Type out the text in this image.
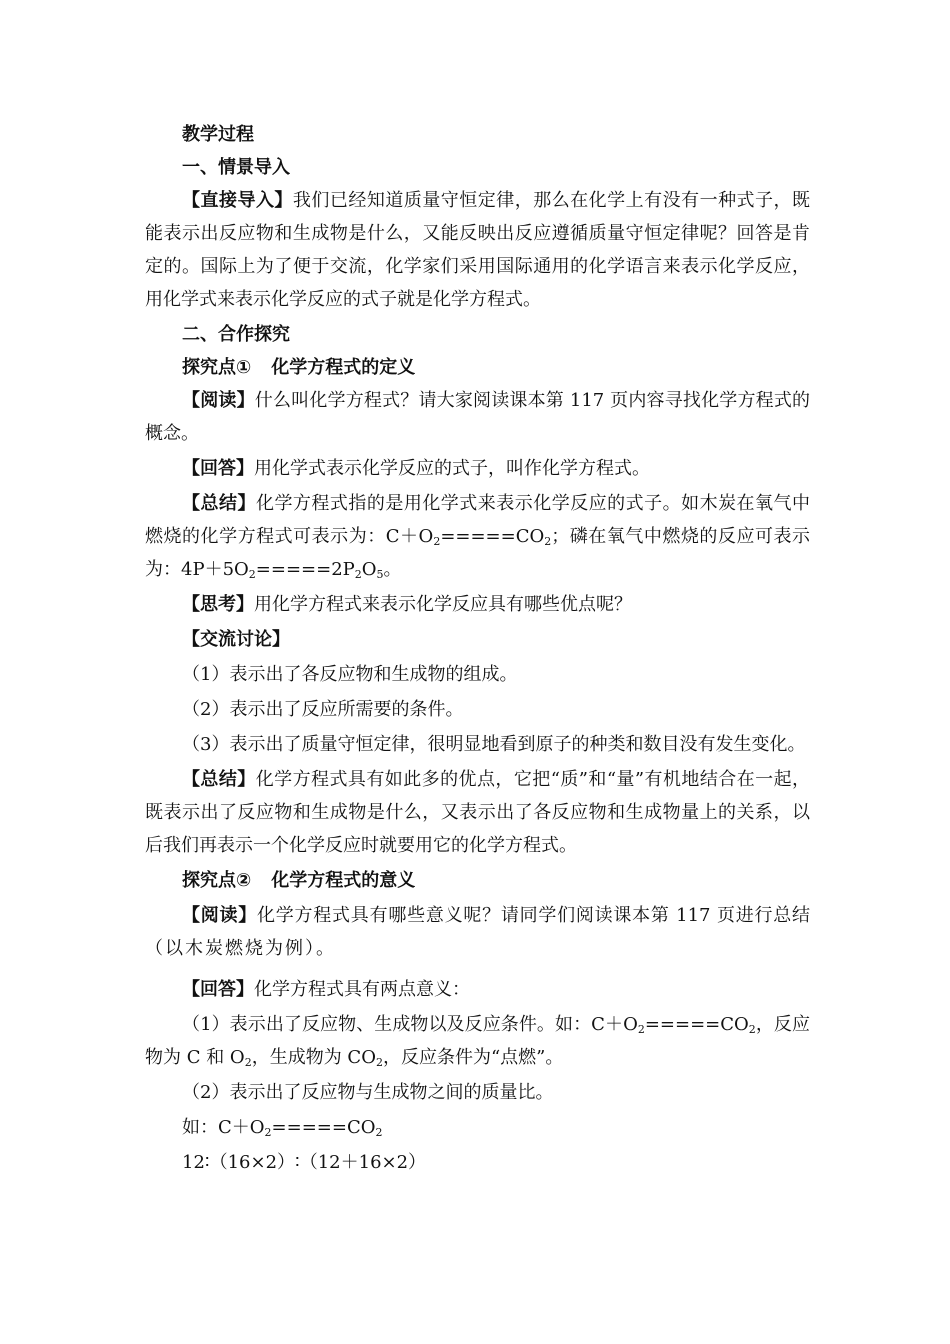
教学过程

一、情景导入

【直接导入】我们已经知道质量守恒定律，那么在化学上有没有一种式子，既能表示出反应物和生成物是什么，又能反映出反应遵循质量守恒定律呢？回答是肯定的。国际上为了便于交流，化学家们采用国际通用的化学语言来表示化学反应，用化学式来表示化学反应的式子就是化学方程式。

二、合作探究

探究点① 化学方程式的定义

【阅读】什么叫化学方程式？请大家阅读课本第 117 页内容寻找化学方程式的概念。

【回答】用化学式表示化学反应的式子，叫作化学方程式。

【总结】化学方程式指的是用化学式来表示化学反应的式子。如木炭在氧气中燃烧的化学方程式可表示为：$C+O_2=====CO_2$；磷在氧气中燃烧的反应可表示为：$4P+5O_2=====2P_2O_5$。

【思考】用化学方程式来表示化学反应具有哪些优点呢？

【交流讨论】

（1）表示出了各反应物和生成物的组成。

（2）表示出了反应所需要的条件。

（3）表示出了质量守恒定律，很明显地看到原子的种类和数目没有发生变化。

【总结】化学方程式具有如此多的优点，它把“质”和“量”有机地结合在一起，既表示出了反应物和生成物是什么，又表示出了各反应物和生成物量上的关系，以后我们再表示一个化学反应时就要用它的化学方程式。

探究点② 化学方程式的意义

【阅读】化学方程式具有哪些意义呢？请同学们阅读课本第 117 页进行总结（以木炭燃烧为例）。

【回答】化学方程式具有两点意义：

（1）表示出了反应物、生成物以及反应条件。如：$C+O_2=====CO_2$，反应物为 C 和 $O_2$，生成物为 $CO_2$，反应条件为“点燃”。

（2）表示出了反应物与生成物之间的质量比。

如：$C+O_2=====CO_2$

12∶（16×2）∶（12＋16×2）
